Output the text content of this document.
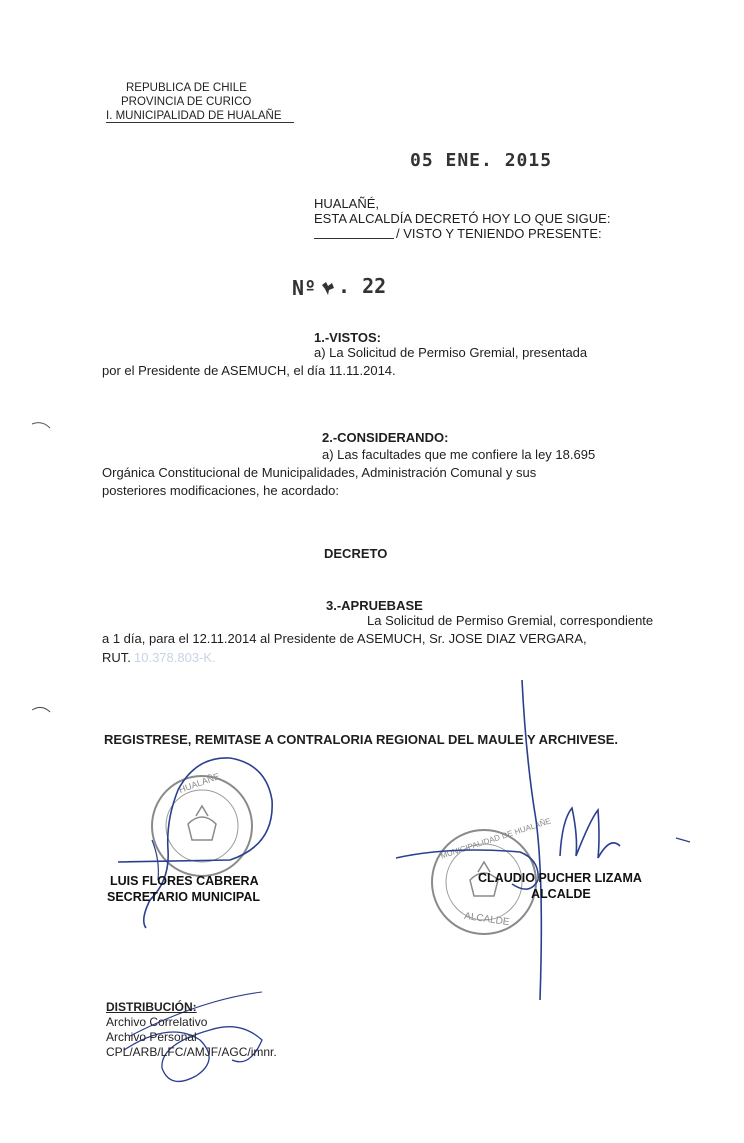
REPUBLICA DE CHILE
PROVINCIA DE CURICO
I. MUNICIPALIDAD DE HUALAÑE
05 ENE. 2015
HUALAÑÉ,
ESTA ALCALDÍA DECRETÓ HOY LO QUE SIGUE:
/ VISTO Y TENIENDO PRESENTE:
Nº . 22
1.-VISTOS:
a) La Solicitud de Permiso Gremial, presentada
por el Presidente de ASEMUCH, el día 11.11.2014.
2.-CONSIDERANDO:
a) Las facultades que me confiere la ley 18.695
Orgánica Constitucional de Municipalidades, Administración Comunal y sus
posteriores modificaciones, he acordado:
DECRETO
3.-APRUEBASE
La Solicitud de Permiso Gremial, correspondiente
a 1 día, para el 12.11.2014 al Presidente de ASEMUCH, Sr. JOSE DIAZ VERGARA,
RUT. 10.378.803-K.
REGISTRESE, REMITASE A CONTRALORIA REGIONAL DEL MAULE Y ARCHIVESE.
HUALAÑE
MUNICIPALIDAD DE HUALAÑE
ALCALDE
LUIS FLORES CABRERA
SECRETARIO MUNICIPAL
CLAUDIO PUCHER LIZAMA
ALCALDE
DISTRIBUCIÓN:
Archivo Correlativo
Archivo Personal
CPL/ARB/LFC/AMJF/AGC/imnr.
